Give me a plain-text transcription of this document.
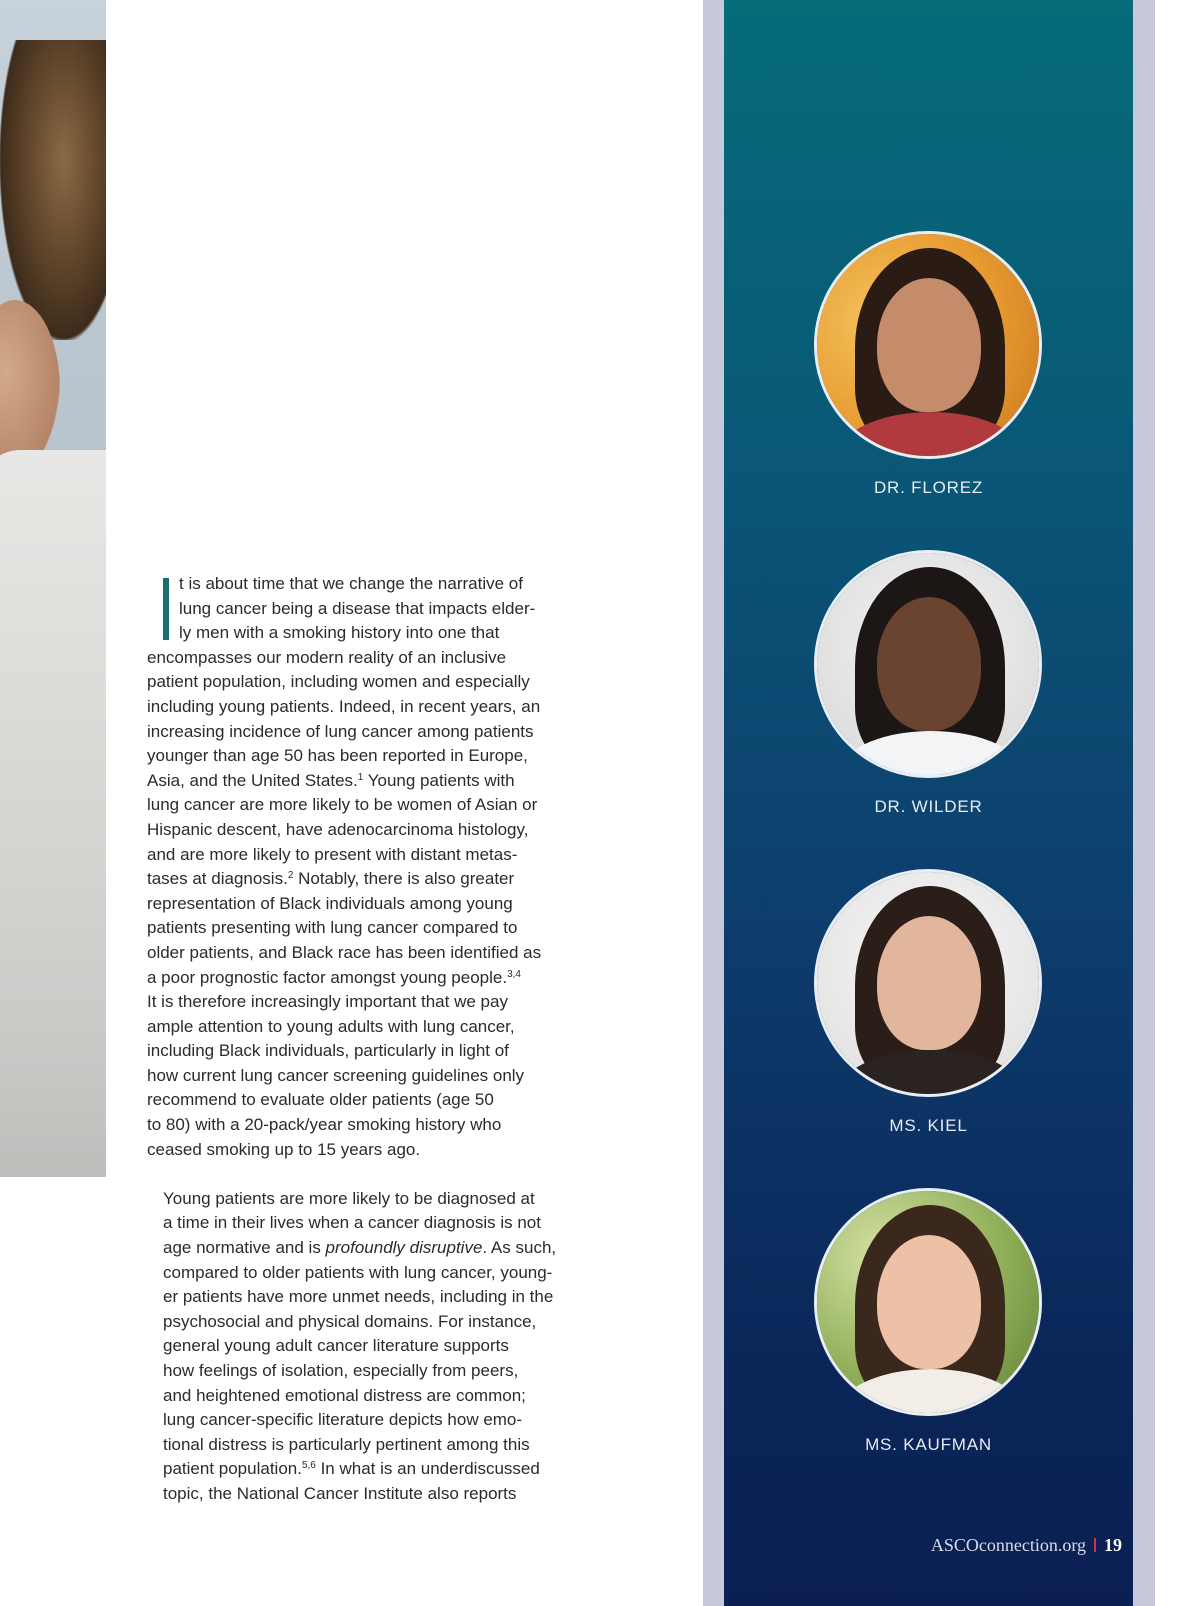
t is about time that we change the narrative of
lung cancer being a disease that impacts elder-
ly men with a smoking history into one that
encompasses our modern reality of an inclusive
patient population, including women and especially
including young patients. Indeed, in recent years, an
increasing incidence of lung cancer among patients
younger than age 50 has been reported in Europe,
Asia, and the United States.$^1$ Young patients with
lung cancer are more likely to be women of Asian or
Hispanic descent, have adenocarcinoma histology,
and are more likely to present with distant metas-
tases at diagnosis.$^2$ Notably, there is also greater
representation of Black individuals among young
patients presenting with lung cancer compared to
older patients, and Black race has been identified as
a poor prognostic factor amongst young people.$^{3,4}$
It is therefore increasingly important that we pay
ample attention to young adults with lung cancer,
including Black individuals, particularly in light of
how current lung cancer screening guidelines only
recommend to evaluate older patients (age 50
to 80) with a 20-pack/year smoking history who
ceased smoking up to 15 years ago.

Young patients are more likely to be diagnosed at
a time in their lives when a cancer diagnosis is not
age normative and is profoundly disruptive. As such,
compared to older patients with lung cancer, young-
er patients have more unmet needs, including in the
psychosocial and physical domains. For instance,
general young adult cancer literature supports
how feelings of isolation, especially from peers,
and heightened emotional distress are common;
lung cancer-specific literature depicts how emo-
tional distress is particularly pertinent among this
patient population.$^{5,6}$ In what is an underdiscussed
topic, the National Cancer Institute also reports

DR. FLOREZ
DR. WILDER
MS. KIEL
MS. KAUFMAN
ASCOconnection.org 19
